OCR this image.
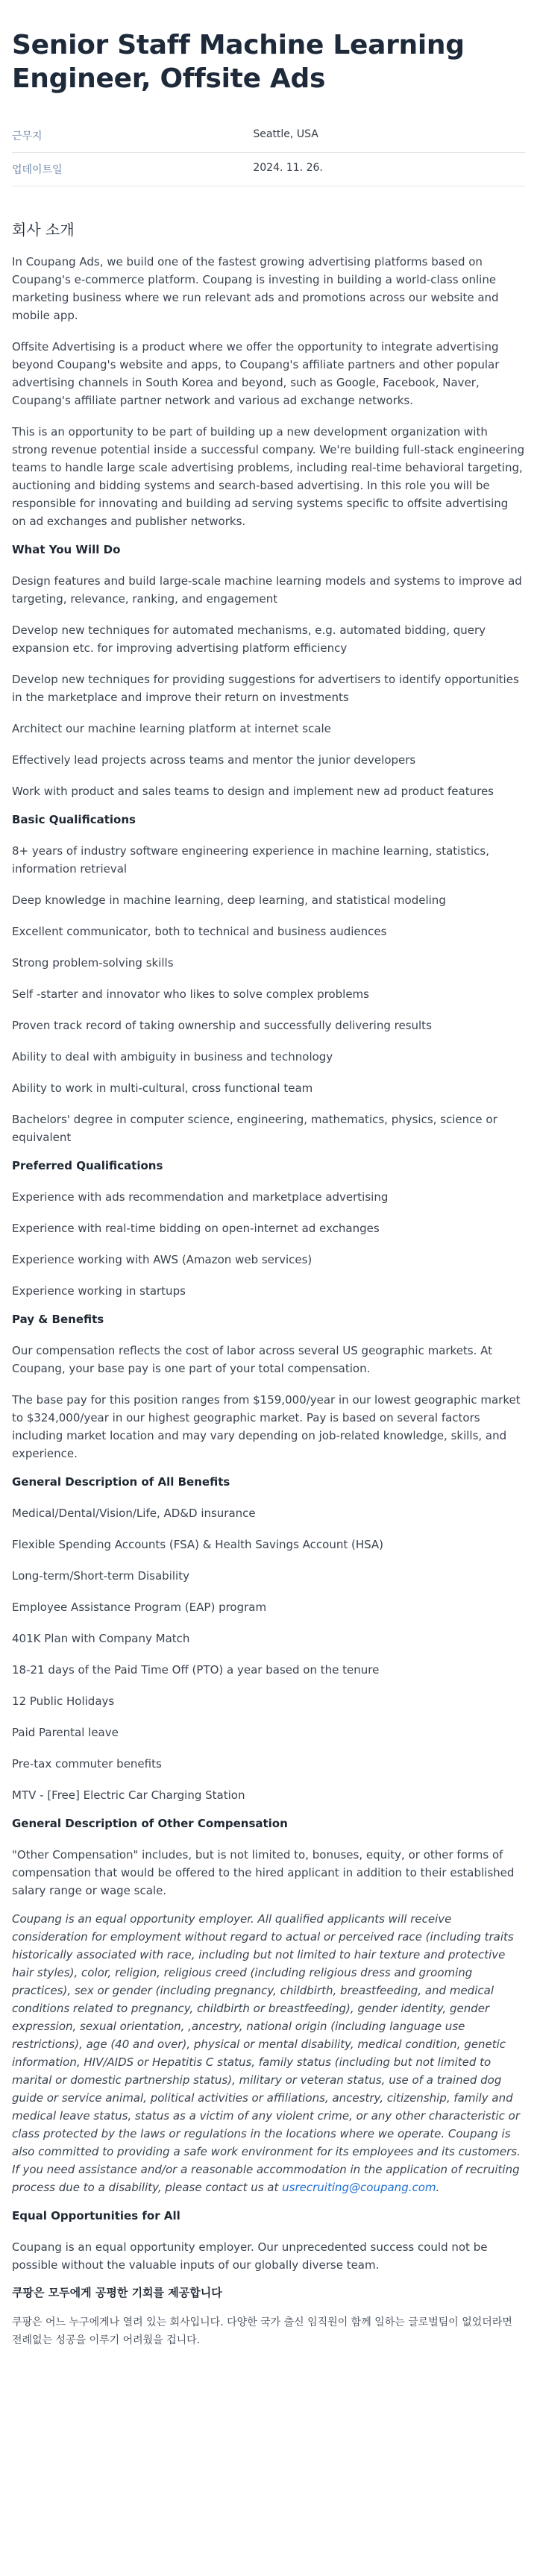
Senior Staff Machine Learning Engineer, Offsite Ads
근무지	Seattle, USA
업데이트일	2024. 11. 26.
회사 소개

In Coupang Ads, we build one of the fastest growing advertising platforms based on Coupang's e-commerce platform. Coupang is investing in building a world-class online marketing business where we run relevant ads and promotions across our website and mobile app.

Offsite Advertising is a product where we offer the opportunity to integrate advertising beyond Coupang's website and apps, to Coupang's affiliate partners and other popular advertising channels in South Korea and beyond, such as Google, Facebook, Naver, Coupang's affiliate partner network and various ad exchange networks.

This is an opportunity to be part of building up a new development organization with strong revenue potential inside a successful company. We're building full-stack engineering teams to handle large scale advertising problems, including real-time behavioral targeting, auctioning and bidding systems and search-based advertising. In this role you will be responsible for innovating and building ad serving systems specific to offsite advertising on ad exchanges and publisher networks.

What You Will Do

Design features and build large-scale machine learning models and systems to improve ad targeting, relevance, ranking, and engagement

Develop new techniques for automated mechanisms, e.g. automated bidding, query expansion etc. for improving advertising platform efficiency

Develop new techniques for providing suggestions for advertisers to identify opportunities in the marketplace and improve their return on investments

Architect our machine learning platform at internet scale

Effectively lead projects across teams and mentor the junior developers

Work with product and sales teams to design and implement new ad product features

Basic Qualifications

8+ years of industry software engineering experience in machine learning, statistics, information retrieval

Deep knowledge in machine learning, deep learning, and statistical modeling

Excellent communicator, both to technical and business audiences

Strong problem-solving skills

Self -starter and innovator who likes to solve complex problems

Proven track record of taking ownership and successfully delivering results

Ability to deal with ambiguity in business and technology

Ability to work in multi-cultural, cross functional team

Bachelors' degree in computer science, engineering, mathematics, physics, science or equivalent

Preferred Qualifications

Experience with ads recommendation and marketplace advertising

Experience with real-time bidding on open-internet ad exchanges

Experience working with AWS (Amazon web services)

Experience working in startups

Pay & Benefits

Our compensation reflects the cost of labor across several US geographic markets. At Coupang, your base pay is one part of your total compensation.

The base pay for this position ranges from $159,000/year in our lowest geographic market to $324,000/year in our highest geographic market. Pay is based on several factors including market location and may vary depending on job-related knowledge, skills, and experience.

General Description of All Benefits

Medical/Dental/Vision/Life, AD&D insurance

Flexible Spending Accounts (FSA) & Health Savings Account (HSA)

Long-term/Short-term Disability

Employee Assistance Program (EAP) program

401K Plan with Company Match

18-21 days of the Paid Time Off (PTO) a year based on the tenure

12 Public Holidays

Paid Parental leave

Pre-tax commuter benefits

MTV - [Free] Electric Car Charging Station

General Description of Other Compensation

"Other Compensation" includes, but is not limited to, bonuses, equity, or other forms of compensation that would be offered to the hired applicant in addition to their established salary range or wage scale.

Coupang is an equal opportunity employer. All qualified applicants will receive consideration for employment without regard to actual or perceived race (including traits historically associated with race, including but not limited to hair texture and protective hair styles), color, religion, religious creed (including religious dress and grooming practices), sex or gender (including pregnancy, childbirth, breastfeeding, and medical conditions related to pregnancy, childbirth or breastfeeding), gender identity, gender expression, sexual orientation, ,ancestry, national origin (including language use restrictions), age (40 and over), physical or mental disability, medical condition, genetic information, HIV/AIDS or Hepatitis C status, family status (including but not limited to marital or domestic partnership status), military or veteran status, use of a trained dog guide or service animal, political activities or affiliations, ancestry, citizenship, family and medical leave status, status as a victim of any violent crime, or any other characteristic or class protected by the laws or regulations in the locations where we operate. Coupang is also committed to providing a safe work environment for its employees and its customers. If you need assistance and/or a reasonable accommodation in the application of recruiting process due to a disability, please contact us at usrecruiting@coupang.com.

Equal Opportunities for All

Coupang is an equal opportunity employer. Our unprecedented success could not be possible without the valuable inputs of our globally diverse team.

쿠팡은 모두에게 공평한 기회를 제공합니다

쿠팡은 어느 누구에게나 열려 있는 회사입니다. 다양한 국가 출신 임직원이 함께 일하는 글로벌팀이 없었더라면 전례없는 성공을 이루기 어려웠을 겁니다.
